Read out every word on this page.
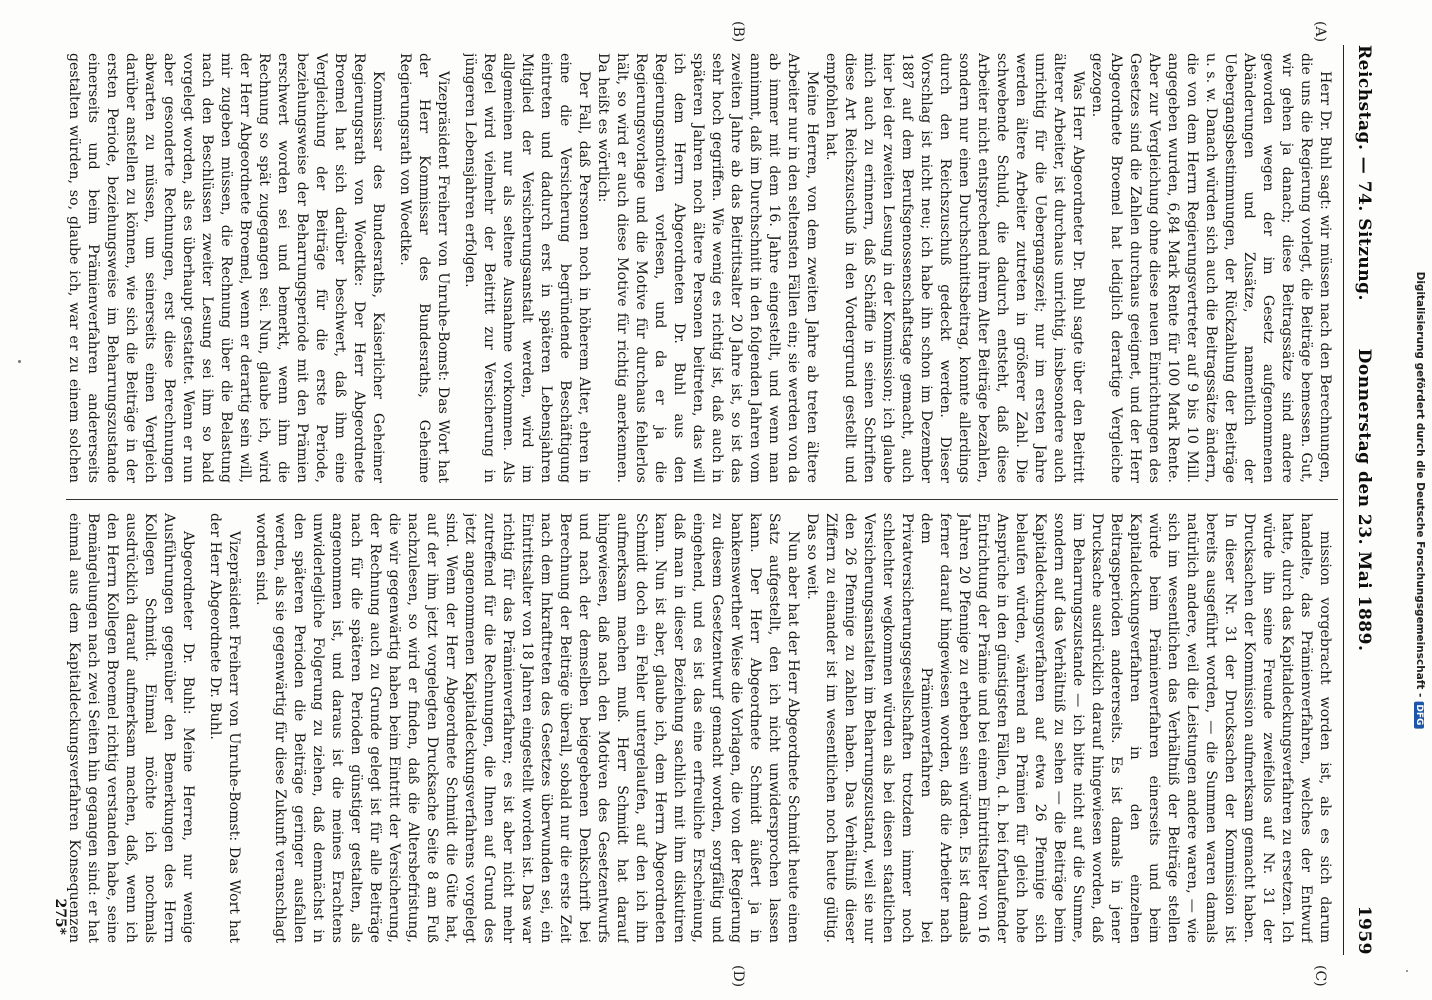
Reichstag. — 74. Sitzung.
Donnerstag den 23. Mai 1889.
1959
(A)
(B)
(C)
(D)

Herr Dr. Buhl sagt: wir müssen nach den Berechnungen, die uns die Regierung vorlegt, die Beiträge bemessen. Gut, wir gehen ja danach; diese Beitragssätze sind andere geworden wegen der im Gesetz aufgenommenen Abänderungen und Zusätze, namentlich der Uebergangsbestimmungen, der Rückzahlung der Beiträge u. s. w. Danach würden sich auch die Beitragssätze ändern, die von dem Herrn Regierungsvertreter auf 9 bis 10 Mill. angegeben wurden, 6,84 Mark Rente für 100 Mark Rente. Aber zur Vergleichung ohne diese neuen Einrichtungen des Gesetzes sind die Zahlen durchaus geeignet, und der Herr Abgeordnete Broemel hat lediglich derartige Vergleiche gezogen.

Was Herr Abgeordneter Dr. Buhl sagte über den Beitritt älterer Arbeiter, ist durchaus unrichtig, insbesondere auch unrichtig für die Uebergangszeit; nur im ersten Jahre werden ältere Arbeiter zutreten in größerer Zahl. Die schwebende Schuld, die dadurch entsteht, daß diese Arbeiter nicht entsprechend ihrem Alter Beiträge bezahlen, sondern nur einen Durchschnittsbeitrag, konnte allerdings durch den Reichszuschuß gedeckt werden. Dieser Vorschlag ist nicht neu; ich habe ihn schon im Dezember 1887 auf dem Berufsgenossenschaftstage gemacht, auch hier bei der zweiten Lesung in der Kommission; ich glaube mich auch zu erinnern, daß Schäffle in seinen Schriften diese Art Reichszuschuß in den Vordergrund gestellt und empfohlen hat.

Meine Herren, von dem zweiten Jahre ab treten ältere Arbeiter nur in den seltensten Fällen ein; sie werden von da ab immer mit dem 16. Jahre eingestellt, und wenn man annimmt, daß im Durchschnitt in den folgenden Jahren vom zweiten Jahre ab das Beitrittsalter 20 Jahre ist, so ist das sehr hoch gegriffen. Wie wenig es richtig ist, daß auch in späteren Jahren noch ältere Personen beitreten, das will ich dem Herrn Abgeordneten Dr. Buhl aus den Regierungsmotiven vorlesen, und da er ja die Regierungsvorlage und die Motive für durchaus fehlerlos hält, so wird er auch diese Motive für richtig anerkennen. Da heißt es wörtlich:

Der Fall, daß Personen noch in höherem Alter, ehren in eine die Versicherung begründende Beschäftigung eintreten und dadurch erst in späteren Lebensjahren Mitglied der Versicherungsanstalt werden, wird im allgemeinen nur als seltene Ausnahme vorkommen. Als Regel wird vielmehr der Beitritt zur Versicherung in jüngeren Lebensjahren erfolgen.

Vizepräsident Freiherr von Unruhe-Bomst: Das Wort hat der Herr Kommissar des Bundesraths, Geheime Regierungsrath von Woedtke.

Kommissar des Bundesraths, Kaiserlicher Geheimer Regierungsrath von Woedtke: Der Herr Abgeordnete Broemel hat sich darüber beschwert, daß ihm eine Vergleichung der Beiträge für die erste Periode, beziehungsweise der Beharrungsperiode mit den Prämien erschwert worden sei und bemerkt, wenn ihm die Rechnung so spät zugegangen sei. Nun, glaube ich, wird der Herr Abgeordnete Broemel, wenn er derartig sein will, mir zugeben müssen, die Rechnung über die Belastung nach den Beschlüssen zweiter Lesung sei ihm so bald vorgelegt worden, als es überhaupt gestattet. Wenn er nun aber gesonderte Rechnungen, erst diese Berechnungen abwarten zu müssen, um seinerseits einen Vergleich darüber anstellen zu können, wie sich die Beiträge in der ersten Periode, beziehungsweise im Beharrungszustande einerseits und beim Prämienverfahren andererseits gestalten würden, so, glaube ich, war er zu einem solchen

mission vorgebracht worden ist, als es sich darum handelte, das Prämienverfahren, welches der Entwurf hatte, durch das Kapitaldeckungsverfahren zu ersetzen. Ich würde ihn seine Freunde zweifellos auf Nr. 31 der Drucksachen der Kommission aufmerksam gemacht haben. In dieser Nr. 31 der Drucksachen der Kommission ist bereits ausgeführt worden, — die Summen waren damals natürlich andere, weil die Leistungen andere waren, — wie sich im wesentlichen das Verhältniß der Beiträge stellen würde beim Prämienverfahren einerseits und beim Kapitaldeckungsverfahren in den einzelnen Beitragsperioden andererseits. Es ist damals in jener Drucksache ausdrücklich darauf hingewiesen worden, daß im Beharrungszustande — ich bitte nicht auf die Summe, sondern auf das Verhältniß zu sehen — die Beiträge beim Kapitaldeckungsverfahren auf etwa 26 Pfennige sich belaufen würden, während an Prämien für gleich hohe Ansprüche in den günstigsten Fällen, d. h. bei fortlaufender Entrichtung der Prämie und bei einem Eintrittsalter von 16 Jahren 20 Pfennige zu erheben sein würden. Es ist damals ferner darauf hingewiesen worden, daß die Arbeiter nach dem Prämienverfahren bei Privatversicherungsgesellschaften trotzdem immer noch schlechter wegkommen würden als bei diesen staatlichen Versicherungsanstalten im Beharrungszustand, weil sie nur den 26 Pfennige zu zahlen haben. Das Verhältniß dieser Ziffern zu einander ist im wesentlichen noch heute gültig. Das so weit.

Nun aber hat der Herr Abgeordnete Schmidt heute einen Satz aufgestellt, den ich nicht unwidersprochen lassen kann. Der Herr Abgeordnete Schmidt äußert ja in bankenswerther Weise die Vorlagen, die von der Regierung zu diesem Gesetzentwurf gemacht worden, sorgfältig und eingehend, und es ist das eine erfreuliche Erscheinung, daß man in dieser Beziehung sachlich mit ihm diskutiren kann. Nun ist aber, glaube ich, dem Herrn Abgeordneten Schmidt doch ein Fehler untergelaufen, auf den ich ihn aufmerksam machen muß. Herr Schmidt hat darauf hingewiesen, daß nach den Motiven des Gesetzentwurfs und nach der demselben beigegebenen Denkschrift bei Berechnung der Beiträge überall, sobald nur die erste Zeit nach dem Inkrafttreten des Gesetzes überwunden sei, ein Eintrittsalter von 18 Jahren eingestellt worden ist. Das war richtig für das Prämienverfahren; es ist aber nicht mehr zutreffend für die Rechnungen, die Ihnen auf Grund des jetzt angenommenen Kapitaldeckungsverfahrens vorgelegt sind. Wenn der Herr Abgeordnete Schmidt die Güte hat, auf der ihm jetzt vorgelegten Drucksache Seite 8 am Fuß nachzulesen, so wird er finden, daß die Altersbefristung, die wir gegenwärtig haben beim Eintritt der Versicherung, der Rechnung auch zu Grunde gelegt ist für alle Beiträge nach für die späteren Perioden günstiger gestalten, als angenommen ist, und daraus ist die meines Erachtens unwiderlegliche Folgerung zu ziehen, daß demnächst in den späteren Perioden die Beiträge geringer ausfallen werden, als sie gegenwärtig für diese Zukunft veranschlagt worden sind.

Vizepräsident Freiherr von Unruhe-Bomst: Das Wort hat der Herr Abgeordnete Dr. Buhl.

Abgeordneter Dr. Buhl: Meine Herren, nur wenige Ausführungen gegenüber den Bemerkungen des Herrn Kollegen Schmidt. Einmal möchte ich nochmals ausdrücklich darauf aufmerksam machen, daß, wenn ich den Herrn Kollegen Broemel richtig verstanden habe, seine Bemängelungen nach zwei Seiten hin gegangen sind: er hat einmal aus dem Kapitaldeckungsverfahren Konsequenzen

275*
Digitalisierung gefördert durch die Deutsche Forschungsgemeinschaft -DFG
